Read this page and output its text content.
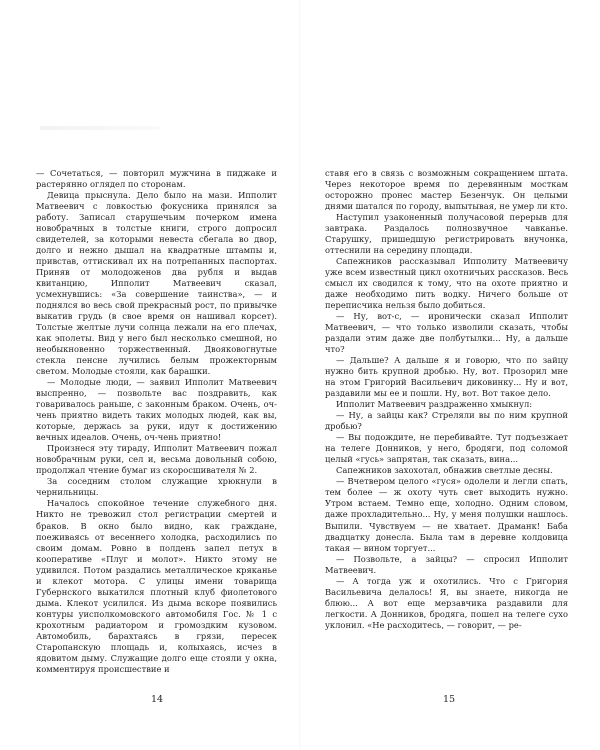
— Сочетаться, — повторил мужчина в пиджаке и растерянно оглядел по сторонам.

Девица прыснула. Дело было на мази. Ипполит Матвеевич с ловкостью фокусника принялся за работу. Записал старушечьим почерком имена новобрачных в толстые книги, строго допросил свидетелей, за которыми невеста сбегала во двор, долго и нежно дышал на квадратные штампы и, привстав, оттискивал их на потрепанных паспортах. Приняв от молодоженов два рубля и выдав квитанцию, Ипполит Матвеевич сказал, усмехнувшись: «За совершение таинства», — и поднялся во весь свой прекрасный рост, по привычке выкатив грудь (в свое время он нашивал корсет). Толстые желтые лучи солнца лежали на его плечах, как эполеты. Вид у него был несколько смешной, но необыкновенно торжественный. Двояковогнутые стекла пенсне лучились белым прожекторным светом. Молодые стояли, как барашки.

— Молодые люди, — заявил Ипполит Матвеевич выспренно, — позвольте вас поздравить, как говаривалось раньше, с законным браком. Очень, оч-чень приятно видеть таких молодых людей, как вы, которые, держась за руки, идут к достижению вечных идеалов. Очень, оч-чень приятно!

Произнеся эту тираду, Ипполит Матвеевич пожал новобрачным руки, сел и, весьма довольный собою, продолжал чтение бумаг из скоросшивателя № 2.

За соседним столом служащие хрюкнули в чернильницы.

Началось спокойное течение служебного дня. Никто не тревожил стол регистрации смертей и браков. В окно было видно, как граждане, поеживаясь от весеннего холодка, расходились по своим домам. Ровно в полдень запел петух в кооперативе «Плуг и молот». Никто этому не удивился. Потом раздались металлическое кряканье и клекот мотора. С улицы имени товарища Губернского выкатился плотный клуб фиолетового дыма. Клекот усилился. Из дыма вскоре появились контуры уисполкомовского автомобиля Гос. № 1 с крохотным радиатором и громоздким кузовом. Автомобиль, барахтаясь в грязи, пересек Старопанскую площадь и, колыхаясь, исчез в ядовитом дыму. Служащие долго еще стояли у окна, комментируя происшествие и

14

ставя его в связь с возможным сокращением штата. Через некоторое время по деревянным мосткам осторожно пронес мастер Безенчук. Он целыми днями шатался по городу, выпытывая, не умер ли кто.

Наступил узаконенный получасовой перерыв для завтрака. Раздалось полнозвучное чавканье. Старушку, пришедшую регистрировать внучонка, оттеснили на середину площади.

Сапежников рассказывал Ипполиту Матвеевичу уже всем известный цикл охотничьих рассказов. Весь смысл их сводился к тому, что на охоте приятно и даже необходимо пить водку. Ничего больше от переписчика нельзя было добиться.

— Ну, вот-с, — иронически сказал Ипполит Матвеевич, — что только изволили сказать, чтобы раздали этим даже две полбутылки... Ну, а дальше что?

— Дальше? А дальше я и говорю, что по зайцу нужно бить крупной дробью. Ну, вот. Прозорил мне на этом Григорий Васильевич диковинку... Ну и вот, раздавили мы ее и пошли. Ну, вот. Вот такое дело.

Ипполит Матвеевич раздраженно хмыкнул:

— Ну, а зайцы как? Стреляли вы по ним крупной дробью?

— Вы подождите, не перебивайте. Тут подъезжает на телеге Донников, у него, бродяги, под соломой целый «гусь» запрятан, так сказать, вина...

Сапежников захохотал, обнажив светлые десны.

— Вчетвером целого «гуся» одолели и легли спать, тем более — ж охоту чуть свет выходить нужно. Утром встаем. Темно еще, холодно. Одним словом, даже прохладительно... Ну, у меня полушки нашлось. Выпили. Чувствуем — не хватает. Драманк! Баба двадцатку донесла. Была там в деревне колдовица такая — вином торгует...

— Позвольте, а зайцы? — спросил Ипполит Матвеевич.

— А тогда уж и охотились. Что с Григория Васильевича делалось! Я, вы знаете, никогда не блюю... А вот еще мерзавчика раздавили для легкости. А Донников, бродяга, пошел на телеге сухо уклонил. «Не расходитесь, — говорит, — ре-

15
